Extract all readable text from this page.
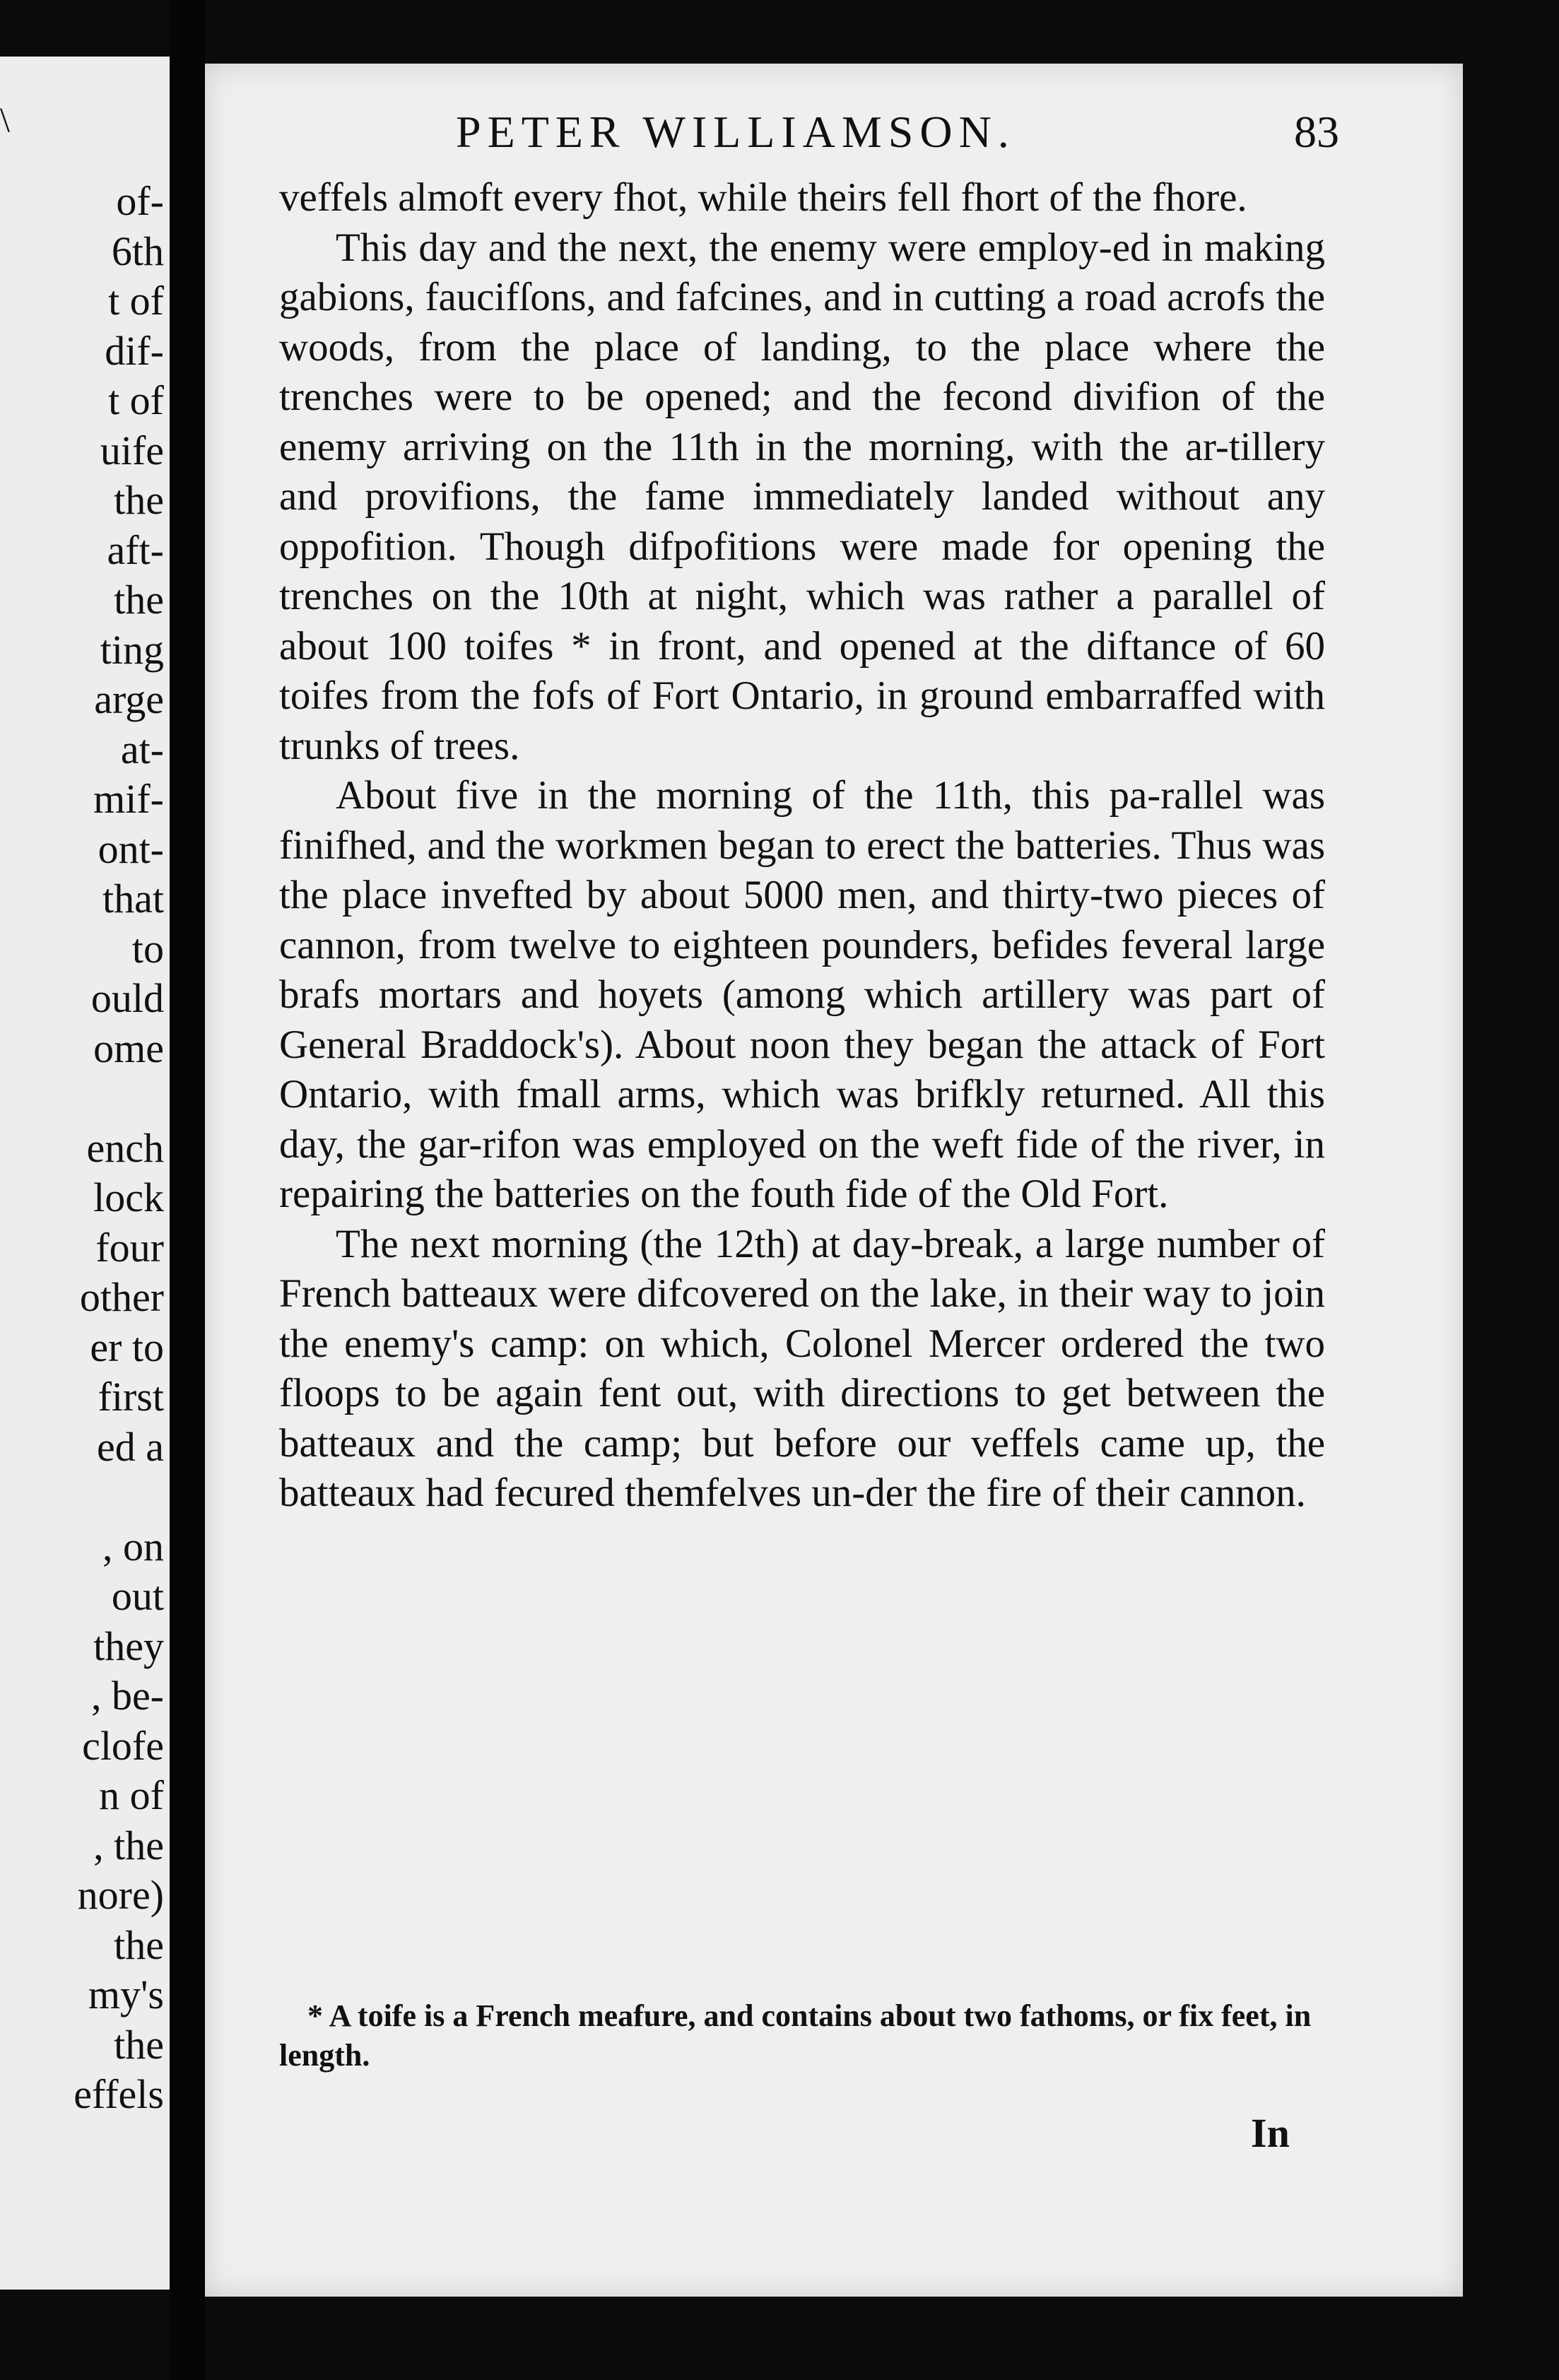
\
of-
6th
t of
dif-
t of
uife
the
aft-
the
ting
arge
at-
mif-
ont-
that
to
ould
ome

ench
lock
four
other
er to
first
ed a

, on
out
they
, be-
clofe
n of
, the
nore)
the
my's
the
effels
PETER WILLIAMSON.	83

veffels almoft every fhot, while theirs fell fhort of the fhore.

This day and the next, the enemy were employ-ed in making gabions, faucifſons, and fafcines, and in cutting a road acrofs the woods, from the place of landing, to the place where the trenches were to be opened; and the fecond divifion of the enemy arriving on the 11th in the morning, with the ar-tillery and provifions, the fame immediately landed without any oppofition. Though difpofitions were made for opening the trenches on the 10th at night, which was rather a parallel of about 100 toifes * in front, and opened at the diftance of 60 toifes from the fofs of Fort Ontario, in ground embarraffed with trunks of trees.

About five in the morning of the 11th, this pa-rallel was finifhed, and the workmen began to erect the batteries. Thus was the place invefted by about 5000 men, and thirty-two pieces of cannon, from twelve to eighteen pounders, befides feveral large brafs mortars and hoyets (among which artillery was part of General Braddock's). About noon they began the attack of Fort Ontario, with fmall arms, which was brifkly returned. All this day, the gar-rifon was employed on the weft fide of the river, in repairing the batteries on the fouth fide of the Old Fort.

The next morning (the 12th) at day-break, a large number of French batteaux were difcovered on the lake, in their way to join the enemy's camp: on which, Colonel Mercer ordered the two floops to be again fent out, with directions to get between the batteaux and the camp; but before our veffels came up, the batteaux had fecured themfelves un-der the fire of their cannon.

* A toife is a French meafure, and contains about two fathoms, or fix feet, in length.
In
